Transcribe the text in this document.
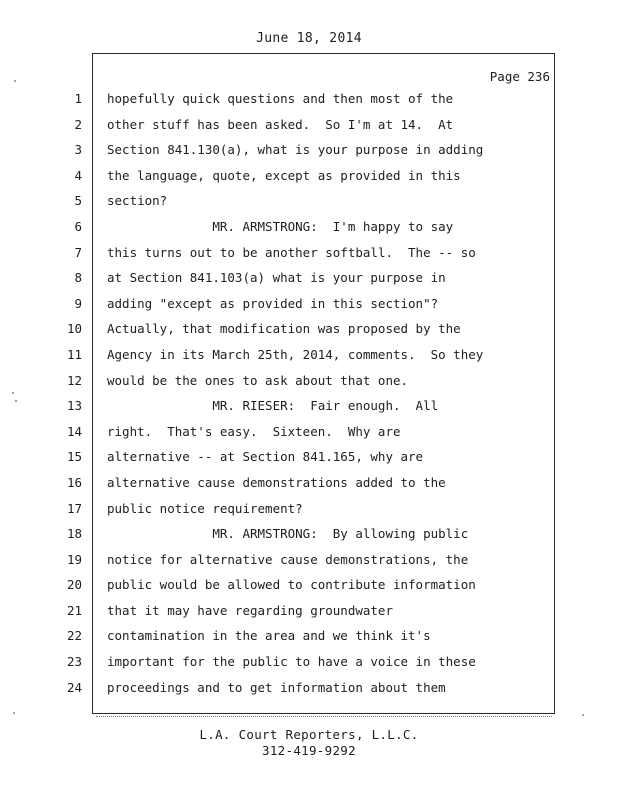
June 18, 2014
Page 236
1 hopefully quick questions and then most of the
2 other stuff has been asked.  So I'm at 14.  At
3 Section 841.130(a), what is your purpose in adding
4 the language, quote, except as provided in this
5 section?
6 MR. ARMSTRONG:  I'm happy to say
7 this turns out to be another softball.  The -- so
8 at Section 841.103(a) what is your purpose in
9 adding "except as provided in this section"?
10 Actually, that modification was proposed by the
11 Agency in its March 25th, 2014, comments.  So they
12 would be the ones to ask about that one.
13 MR. RIESER:  Fair enough.  All
14 right.  That's easy.  Sixteen.  Why are
15 alternative -- at Section 841.165, why are
16 alternative cause demonstrations added to the
17 public notice requirement?
18 MR. ARMSTRONG:  By allowing public
19 notice for alternative cause demonstrations, the
20 public would be allowed to contribute information
21 that it may have regarding groundwater
22 contamination in the area and we think it's
23 important for the public to have a voice in these
24 proceedings and to get information about them
L.A. Court Reporters, L.L.C.
312-419-9292
